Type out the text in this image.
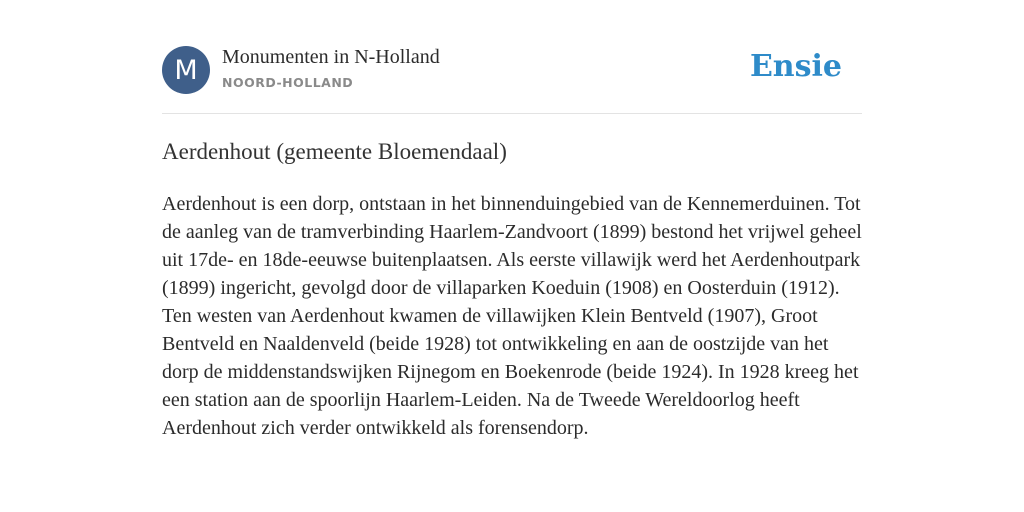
M	Monumenten in N-Holland
NOORD-HOLLAND	Ensie
Aerdenhout (gemeente Bloemendaal)

Aerdenhout is een dorp, ontstaan in het binnenduingebied van de Kennemerduinen. Tot de aanleg van de tramverbinding Haarlem-Zandvoort (1899) bestond het vrijwel geheel uit 17de- en 18de-eeuwse buitenplaatsen. Als eerste villawijk werd het Aerdenhoutpark (1899) ingericht, gevolgd door de villaparken Koeduin (1908) en Oosterduin (1912). Ten westen van Aerdenhout kwamen de villawijken Klein Bentveld (1907), Groot Bentveld en Naaldenveld (beide 1928) tot ontwikkeling en aan de oostzijde van het dorp de middenstandswijken Rijnegom en Boekenrode (beide 1924). In 1928 kreeg het een station aan de spoorlijn Haarlem-Leiden. Na de Tweede Wereldoorlog heeft Aerdenhout zich verder ontwikkeld als forensendorp.
